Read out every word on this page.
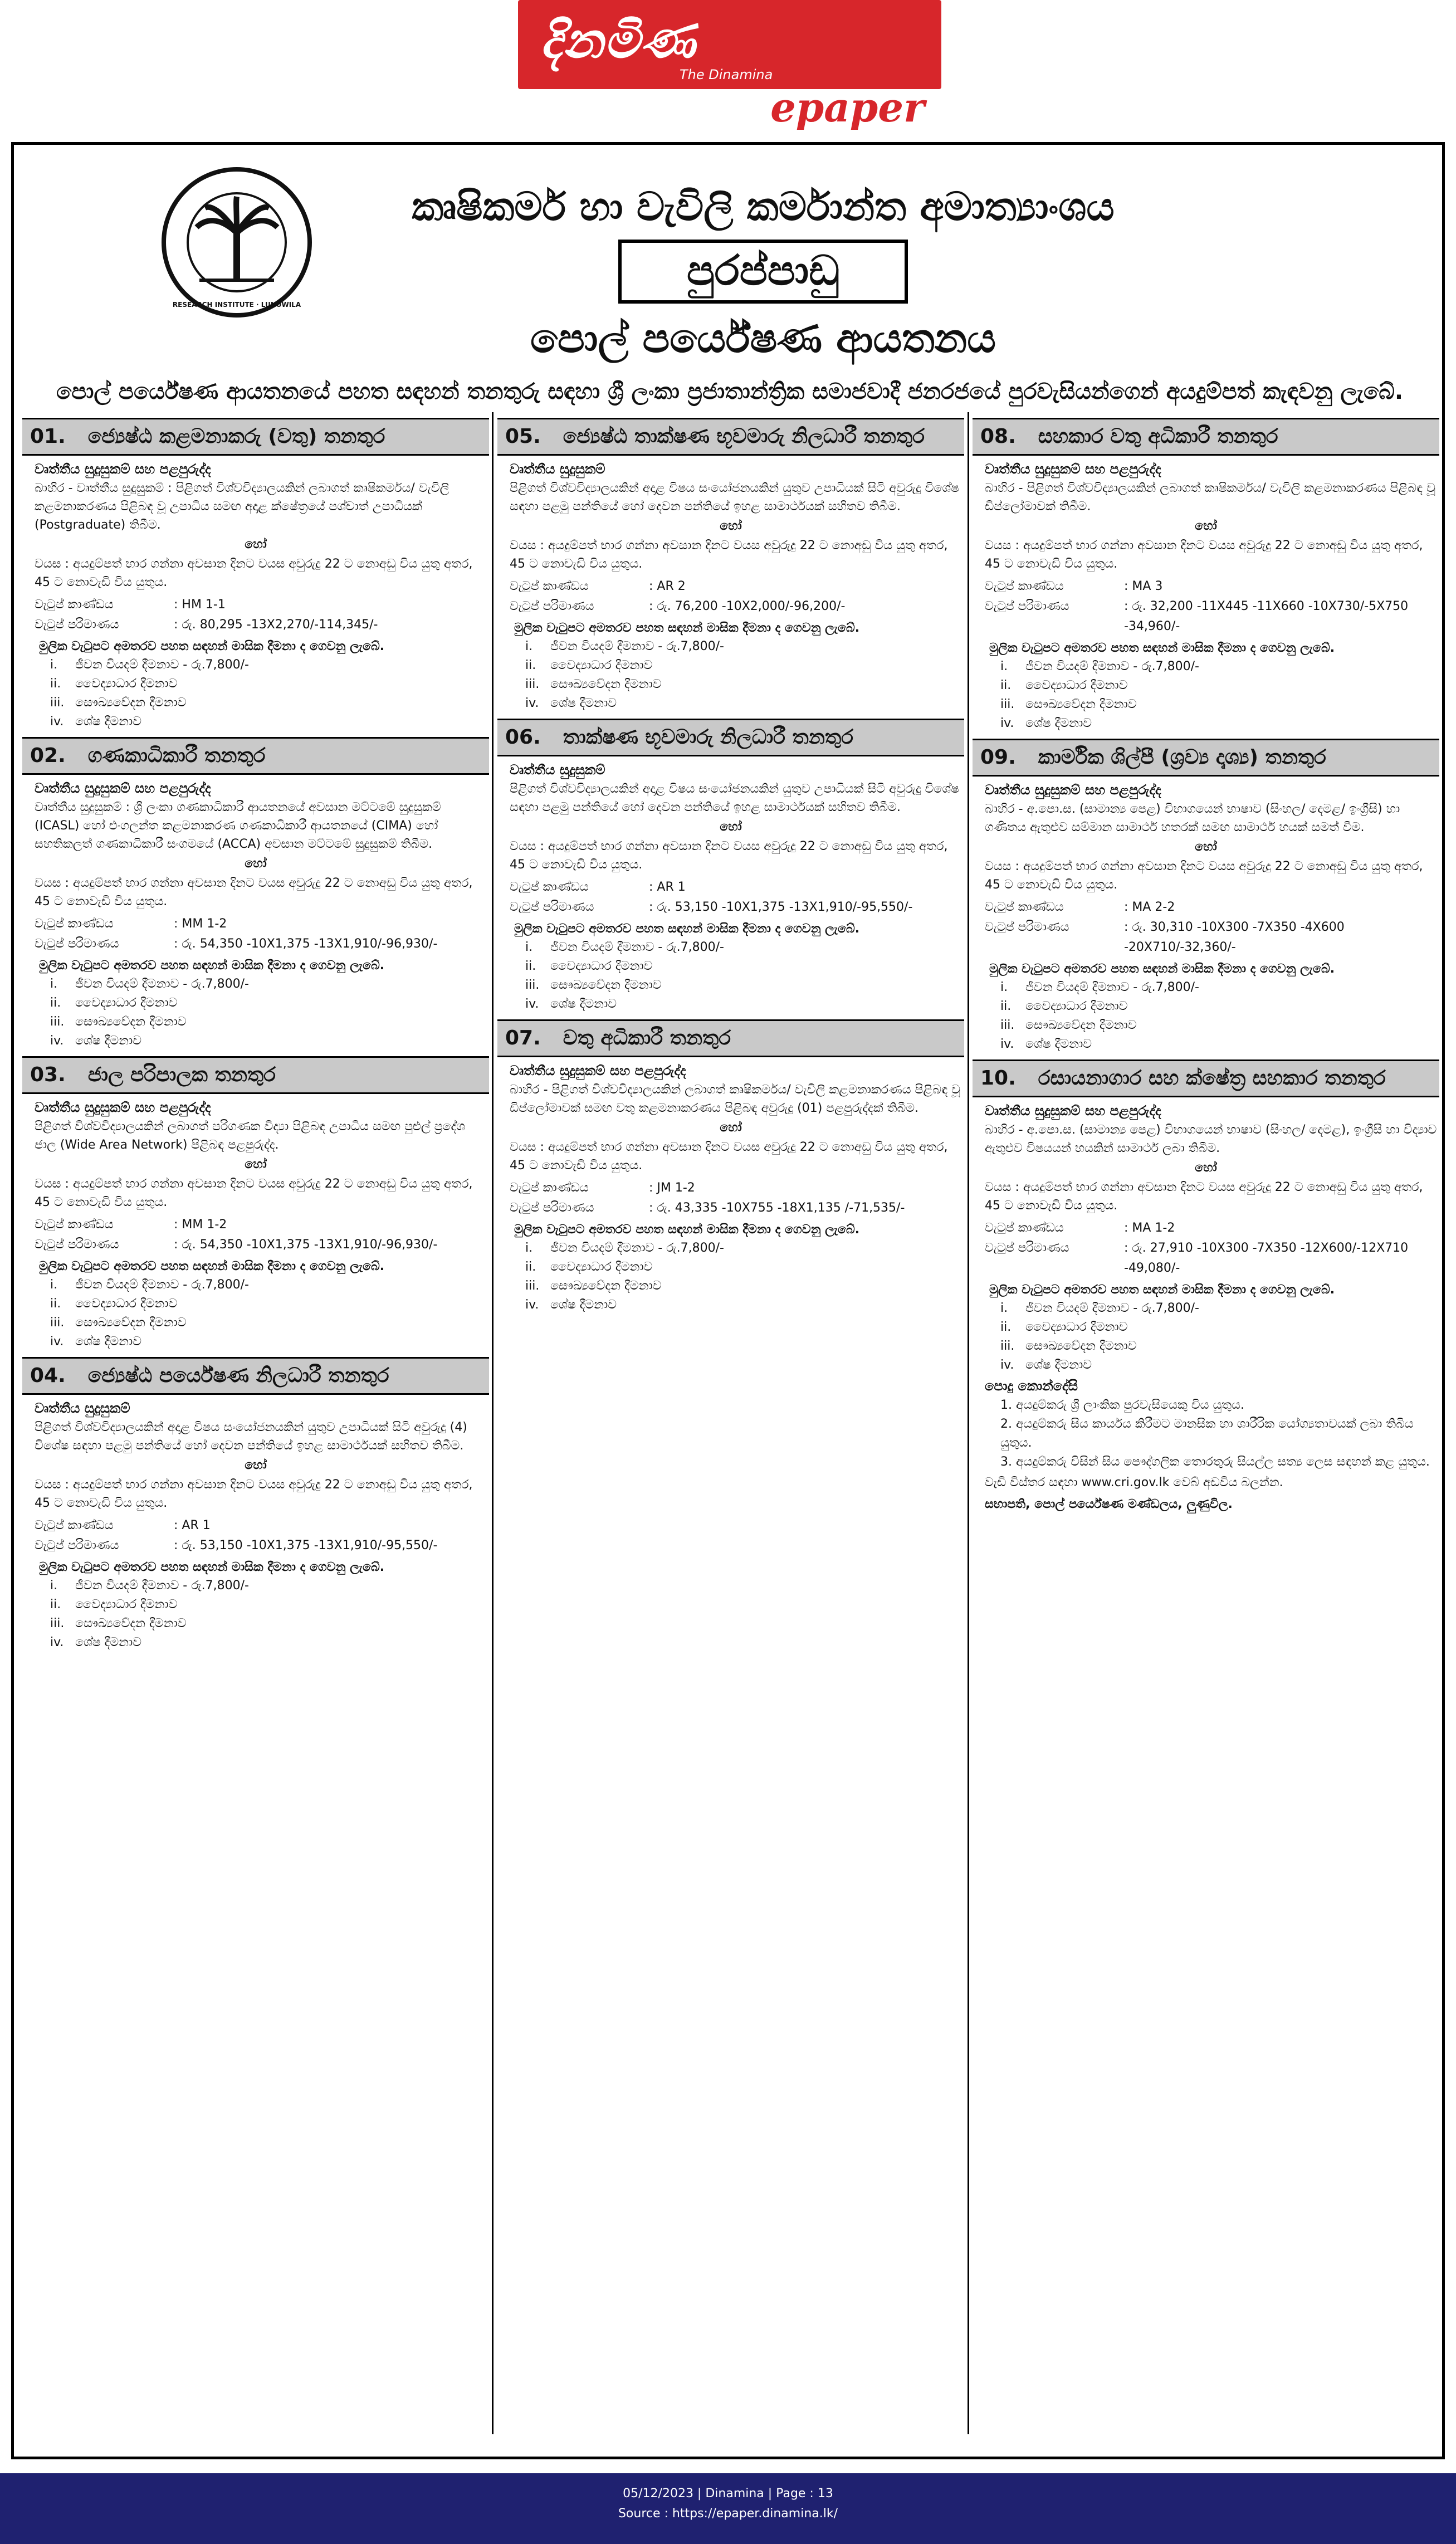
දිනමිණ
The Dinamina
epaper
RESEARCH INSTITUTE · LUNUWILA
කෘෂිකර්ම හා වැවිලි කර්මාන්ත අමාත්‍යාංශය
පුරප්පාඩු
පොල් පර්යේෂණ ආයතනය
පොල් පර්යේෂණ ආයතනයේ පහත සඳහන් තනතුරු සඳහා ශ්‍රී ලංකා ප්‍රජාතාන්ත්‍රික සමාජවාදී ජනරජයේ පුරවැසියන්ගෙන් අයදුම්පත් කැඳවනු ලැබේ.
01. ජ්‍යෙෂ්ඨ කළමනාකරු (වතු) තනතුර
වෘත්තීය සුදුසුකම් සහ පළපුරුද්ද
බාහිර - වෘත්තීය සුදුසුකම් : පිළිගත් විශ්වවිද්‍යාලයකින් ලබාගත් කෘෂිකර්මය/ වැවිලි කළමනාකරණය පිළිබඳ වූ උපාධිය සමඟ අදාළ ක්ෂේත්‍රයේ පශ්චාත් උපාධියක් (Postgraduate) තිබීම.
හෝ
වයස : අයදුම්පත් භාර ගන්නා අවසාන දිනට වයස අවුරුදු 22 ට නොඅඩු විය යුතු අතර, 45 ට නොවැඩි විය යුතුය.
වැටුප් කාණ්ඩය	: HM 1-1
වැටුප් පරිමාණය	: රු. 80,295 -13X2,270/-114,345/-
මුලික වැටුපට අමතරව පහත සඳහන් මාසික දීමනා ද ගෙවනු ලැබේ.
i. ජීවන වියදම් දීමනාව - රු.7,800/-
ii. වෛද්‍යාධාර දීමනාව
iii. සෞඛ්‍යවේදන දීමනාව
iv. ශේෂ දීමනාව
02. ගණකාධිකාරී තනතුර
වෘත්තීය සුදුසුකම් සහ පළපුරුද්ද
වෘත්තීය සුදුසුකම් : ශ්‍රී ලංකා ගණකාධිකාරී ආයතනයේ අවසාන මට්ටමේ සුදුසුකම් (ICASL) හෝ එංගලන්ත කළමනාකරණ ගණකාධිකාරී ආයතනයේ (CIMA) හෝ සහතිකලත් ගණකාධිකාරී සංගමයේ (ACCA) අවසාන මට්ටමේ සුදුසුකම් තිබීම.
හෝ
වයස : අයදුම්පත් භාර ගන්නා අවසාන දිනට වයස අවුරුදු 22 ට නොඅඩු විය යුතු අතර, 45 ට නොවැඩි විය යුතුය.
වැටුප් කාණ්ඩය	: MM 1-2
වැටුප් පරිමාණය	: රු. 54,350 -10X1,375 -13X1,910/-96,930/-
මුලික වැටුපට අමතරව පහත සඳහන් මාසික දීමනා ද ගෙවනු ලැබේ.
i. ජීවන වියදම් දීමනාව - රු.7,800/-
ii. වෛද්‍යාධාර දීමනාව
iii. සෞඛ්‍යවේදන දීමනාව
iv. ශේෂ දීමනාව
03. ජාල පරිපාලක තනතුර
වෘත්තීය සුදුසුකම් සහ පළපුරුද්ද
පිළිගත් විශ්වවිද්‍යාලයකින් ලබාගත් පරිගණක විද්‍යා පිළිබඳ උපාධිය සමඟ පුළුල් ප්‍රදේශ ජාල (Wide Area Network) පිළිබඳ පළපුරුද්ද.
හෝ
වයස : අයදුම්පත් භාර ගන්නා අවසාන දිනට වයස අවුරුදු 22 ට නොඅඩු විය යුතු අතර, 45 ට නොවැඩි විය යුතුය.
වැටුප් කාණ්ඩය	: MM 1-2
වැටුප් පරිමාණය	: රු. 54,350 -10X1,375 -13X1,910/-96,930/-
මුලික වැටුපට අමතරව පහත සඳහන් මාසික දීමනා ද ගෙවනු ලැබේ.
i. ජීවන වියදම් දීමනාව - රු.7,800/-
ii. වෛද්‍යාධාර දීමනාව
iii. සෞඛ්‍යවේදන දීමනාව
iv. ශේෂ දීමනාව
04. ජ්‍යෙෂ්ඨ පර්යේෂණ නිලධාරී තනතුර
වෘත්තීය සුදුසුකම්
පිළිගත් විශ්වවිද්‍යාලයකින් අදාළ විෂය සංයෝජනයකින් යුතුව උපාධියක් සිටි අවුරුදු (4) විශේෂ සඳහා පළමු පන්තියේ හෝ දෙවන පන්තියේ ඉහළ සාමාර්ථයක් සහිතව තිබීම.
හෝ
වයස : අයදුම්පත් භාර ගන්නා අවසාන දිනට වයස අවුරුදු 22 ට නොඅඩු විය යුතු අතර, 45 ට නොවැඩි විය යුතුය.
වැටුප් කාණ්ඩය	: AR 1
වැටුප් පරිමාණය	: රු. 53,150 -10X1,375 -13X1,910/-95,550/-
මුලික වැටුපට අමතරව පහත සඳහන් මාසික දීමනා ද ගෙවනු ලැබේ.
i. ජීවන වියදම් දීමනාව - රු.7,800/-
ii. වෛද්‍යාධාර දීමනාව
iii. සෞඛ්‍යවේදන දීමනාව
iv. ශේෂ දීමනාව
05. ජ්‍යෙෂ්ඨ තාක්ෂණ භූවමාරු නිලධාරී තනතුර
වෘත්තීය සුදුසුකම්
පිළිගත් විශ්වවිද්‍යාලයකින් අදාළ විෂය සංයෝජනයකින් යුතුව උපාධියක් සිටි අවුරුදු විශේෂ සඳහා පළමු පන්තියේ හෝ දෙවන පන්තියේ ඉහළ සාමාර්ථයක් සහිතව තිබීම.
හෝ
වයස : අයදුම්පත් භාර ගන්නා අවසාන දිනට වයස අවුරුදු 22 ට නොඅඩු විය යුතු අතර, 45 ට නොවැඩි විය යුතුය.
වැටුප් කාණ්ඩය	: AR 2
වැටුප් පරිමාණය	: රු. 76,200 -10X2,000/-96,200/-
මුලික වැටුපට අමතරව පහත සඳහන් මාසික දීමනා ද ගෙවනු ලැබේ.
i. ජීවන වියදම් දීමනාව - රු.7,800/-
ii. වෛද්‍යාධාර දීමනාව
iii. සෞඛ්‍යවේදන දීමනාව
iv. ශේෂ දීමනාව
06. තාක්ෂණ භූවමාරු නිලධාරී තනතුර
වෘත්තීය සුදුසුකම්
පිළිගත් විශ්වවිද්‍යාලයකින් අදාළ විෂය සංයෝජනයකින් යුතුව උපාධියක් සිටි අවුරුදු විශේෂ සඳහා පළමු පන්තියේ හෝ දෙවන පන්තියේ ඉහළ සාමාර්ථයක් සහිතව තිබීම.
හෝ
වයස : අයදුම්පත් භාර ගන්නා අවසාන දිනට වයස අවුරුදු 22 ට නොඅඩු විය යුතු අතර, 45 ට නොවැඩි විය යුතුය.
වැටුප් කාණ්ඩය	: AR 1
වැටුප් පරිමාණය	: රු. 53,150 -10X1,375 -13X1,910/-95,550/-
මුලික වැටුපට අමතරව පහත සඳහන් මාසික දීමනා ද ගෙවනු ලැබේ.
i. ජීවන වියදම් දීමනාව - රු.7,800/-
ii. වෛද්‍යාධාර දීමනාව
iii. සෞඛ්‍යවේදන දීමනාව
iv. ශේෂ දීමනාව
07. වතු අධිකාරී තනතුර
වෘත්තීය සුදුසුකම් සහ පළපුරුද්ද
බාහිර - පිළිගත් විශ්වවිද්‍යාලයකින් ලබාගත් කෘෂිකර්මය/ වැවිලි කළමනාකරණය පිළිබඳ වූ ඩිප්ලෝමාවක් සමඟ වතු කළමනාකරණය පිළිබඳ අවුරුදු (01) පළපුරුද්දක් තිබීම.
හෝ
වයස : අයදුම්පත් භාර ගන්නා අවසාන දිනට වයස අවුරුදු 22 ට නොඅඩු විය යුතු අතර, 45 ට නොවැඩි විය යුතුය.
වැටුප් කාණ්ඩය	: JM 1-2
වැටුප් පරිමාණය	: රු. 43,335 -10X755 -18X1,135 /-71,535/-
මුලික වැටුපට අමතරව පහත සඳහන් මාසික දීමනා ද ගෙවනු ලැබේ.
i. ජීවන වියදම් දීමනාව - රු.7,800/-
ii. වෛද්‍යාධාර දීමනාව
iii. සෞඛ්‍යවේදන දීමනාව
iv. ශේෂ දීමනාව
08. සහකාර වතු අධිකාරී තනතුර
වෘත්තීය සුදුසුකම් සහ පළපුරුද්ද
බාහිර - පිළිගත් විශ්වවිද්‍යාලයකින් ලබාගත් කෘෂිකර්මය/ වැවිලි කළමනාකරණය පිළිබඳ වූ ඩිප්ලෝමාවක් තිබීම.
හෝ
වයස : අයදුම්පත් භාර ගන්නා අවසාන දිනට වයස අවුරුදු 22 ට නොඅඩු විය යුතු අතර, 45 ට නොවැඩි විය යුතුය.
වැටුප් කාණ්ඩය	: MA 3
වැටුප් පරිමාණය	: රු. 32,200 -11X445 -11X660 -10X730/-5X750 -34,960/-
මුලික වැටුපට අමතරව පහත සඳහන් මාසික දීමනා ද ගෙවනු ලැබේ.
i. ජීවන වියදම් දීමනාව - රු.7,800/-
ii. වෛද්‍යාධාර දීමනාව
iii. සෞඛ්‍යවේදන දීමනාව
iv. ශේෂ දීමනාව
09. කාර්මික ශිල්පී (ශ්‍රව්‍ය දෘශ්‍ය) තනතුර
වෘත්තීය සුදුසුකම් සහ පළපුරුද්ද
බාහිර - අ.පො.ස. (සාමාන්‍ය පෙළ) විභාගයෙන් භාෂාව (සිංහල/ දෙමළ/ ඉංග්‍රීසි) හා ගණිතය ඇතුළුව සම්මාන සාමාර්ථ හතරක් සමඟ සාමාර්ථ හයක් සමත් වීම.
හෝ
වයස : අයදුම්පත් භාර ගන්නා අවසාන දිනට වයස අවුරුදු 22 ට නොඅඩු විය යුතු අතර, 45 ට නොවැඩි විය යුතුය.
වැටුප් කාණ්ඩය	: MA 2-2
වැටුප් පරිමාණය	: රු. 30,310 -10X300 -7X350 -4X600 -20X710/-32,360/-
මුලික වැටුපට අමතරව පහත සඳහන් මාසික දීමනා ද ගෙවනු ලැබේ.
i. ජීවන වියදම් දීමනාව - රු.7,800/-
ii. වෛද්‍යාධාර දීමනාව
iii. සෞඛ්‍යවේදන දීමනාව
iv. ශේෂ දීමනාව
10. රසායනාගාර සහ ක්ෂේත්‍ර සහකාර තනතුර
වෘත්තීය සුදුසුකම් සහ පළපුරුද්ද
බාහිර - අ.පො.ස. (සාමාන්‍ය පෙළ) විභාගයෙන් භාෂාව (සිංහල/ දෙමළ), ඉංග්‍රීසි හා විද්‍යාව ඇතුළුව විෂයයන් හයකින් සාමාර්ථ ලබා තිබීම.
හෝ
වයස : අයදුම්පත් භාර ගන්නා අවසාන දිනට වයස අවුරුදු 22 ට නොඅඩු විය යුතු අතර, 45 ට නොවැඩි විය යුතුය.
වැටුප් කාණ්ඩය	: MA 1-2
වැටුප් පරිමාණය	: රු. 27,910 -10X300 -7X350 -12X600/-12X710 -49,080/-
මුලික වැටුපට අමතරව පහත සඳහන් මාසික දීමනා ද ගෙවනු ලැබේ.
i. ජීවන වියදම් දීමනාව - රු.7,800/-
ii. වෛද්‍යාධාර දීමනාව
iii. සෞඛ්‍යවේදන දීමනාව
iv. ශේෂ දීමනාව
පොදු කොන්දේසි
1. අයදුම්කරු ශ්‍රී ලාංකික පුරවැසියෙකු විය යුතුය.
2. අයදුම්කරු සිය කාර්යය කිරීමට මානසික හා ශාරීරික යෝග්‍යතාවයක් ලබා තිබිය යුතුය.
3. අයදුම්කරු විසින් සිය පෞද්ගලික තොරතුරු සියල්ල සත්‍ය ලෙස සඳහන් කළ යුතුය.
වැඩි විස්තර සඳහා www.cri.gov.lk වෙබ් අඩවිය බලන්න.
සභාපති, පොල් පර්යේෂණ මණ්ඩලය, ලුණුවිල.
05/12/2023 | Dinamina | Page : 13
Source : https://epaper.dinamina.lk/
